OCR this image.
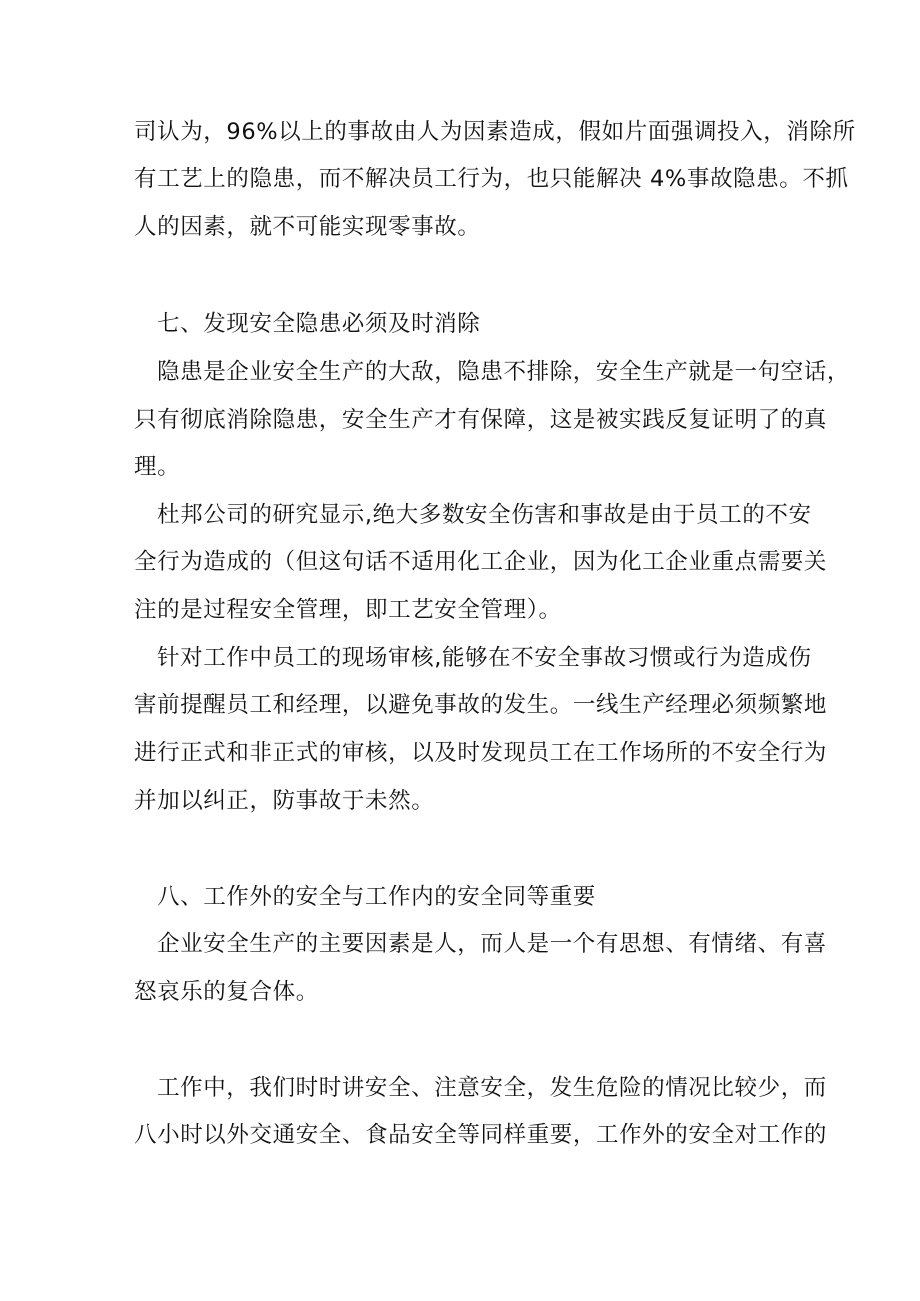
司认为，96%以上的事故由人为因素造成，假如片面强调投入，消除所
有工艺上的隐患，而不解决员工行为，也只能解决 4%事故隐患。不抓
人的因素，就不可能实现零事故。
七、发现安全隐患必须及时消除
隐患是企业安全生产的大敌，隐患不排除，安全生产就是一句空话，
只有彻底消除隐患，安全生产才有保障，这是被实践反复证明了的真
理。
杜邦公司的研究显示,绝大多数安全伤害和事故是由于员工的不安
全行为造成的（但这句话不适用化工企业，因为化工企业重点需要关
注的是过程安全管理，即工艺安全管理）。
针对工作中员工的现场审核,能够在不安全事故习惯或行为造成伤
害前提醒员工和经理，以避免事故的发生。一线生产经理必须频繁地
进行正式和非正式的审核，以及时发现员工在工作场所的不安全行为
并加以纠正，防事故于未然。
八、工作外的安全与工作内的安全同等重要
企业安全生产的主要因素是人，而人是一个有思想、有情绪、有喜
怒哀乐的复合体。
工作中，我们时时讲安全、注意安全，发生危险的情况比较少，而
八小时以外交通安全、食品安全等同样重要，工作外的安全对工作的
